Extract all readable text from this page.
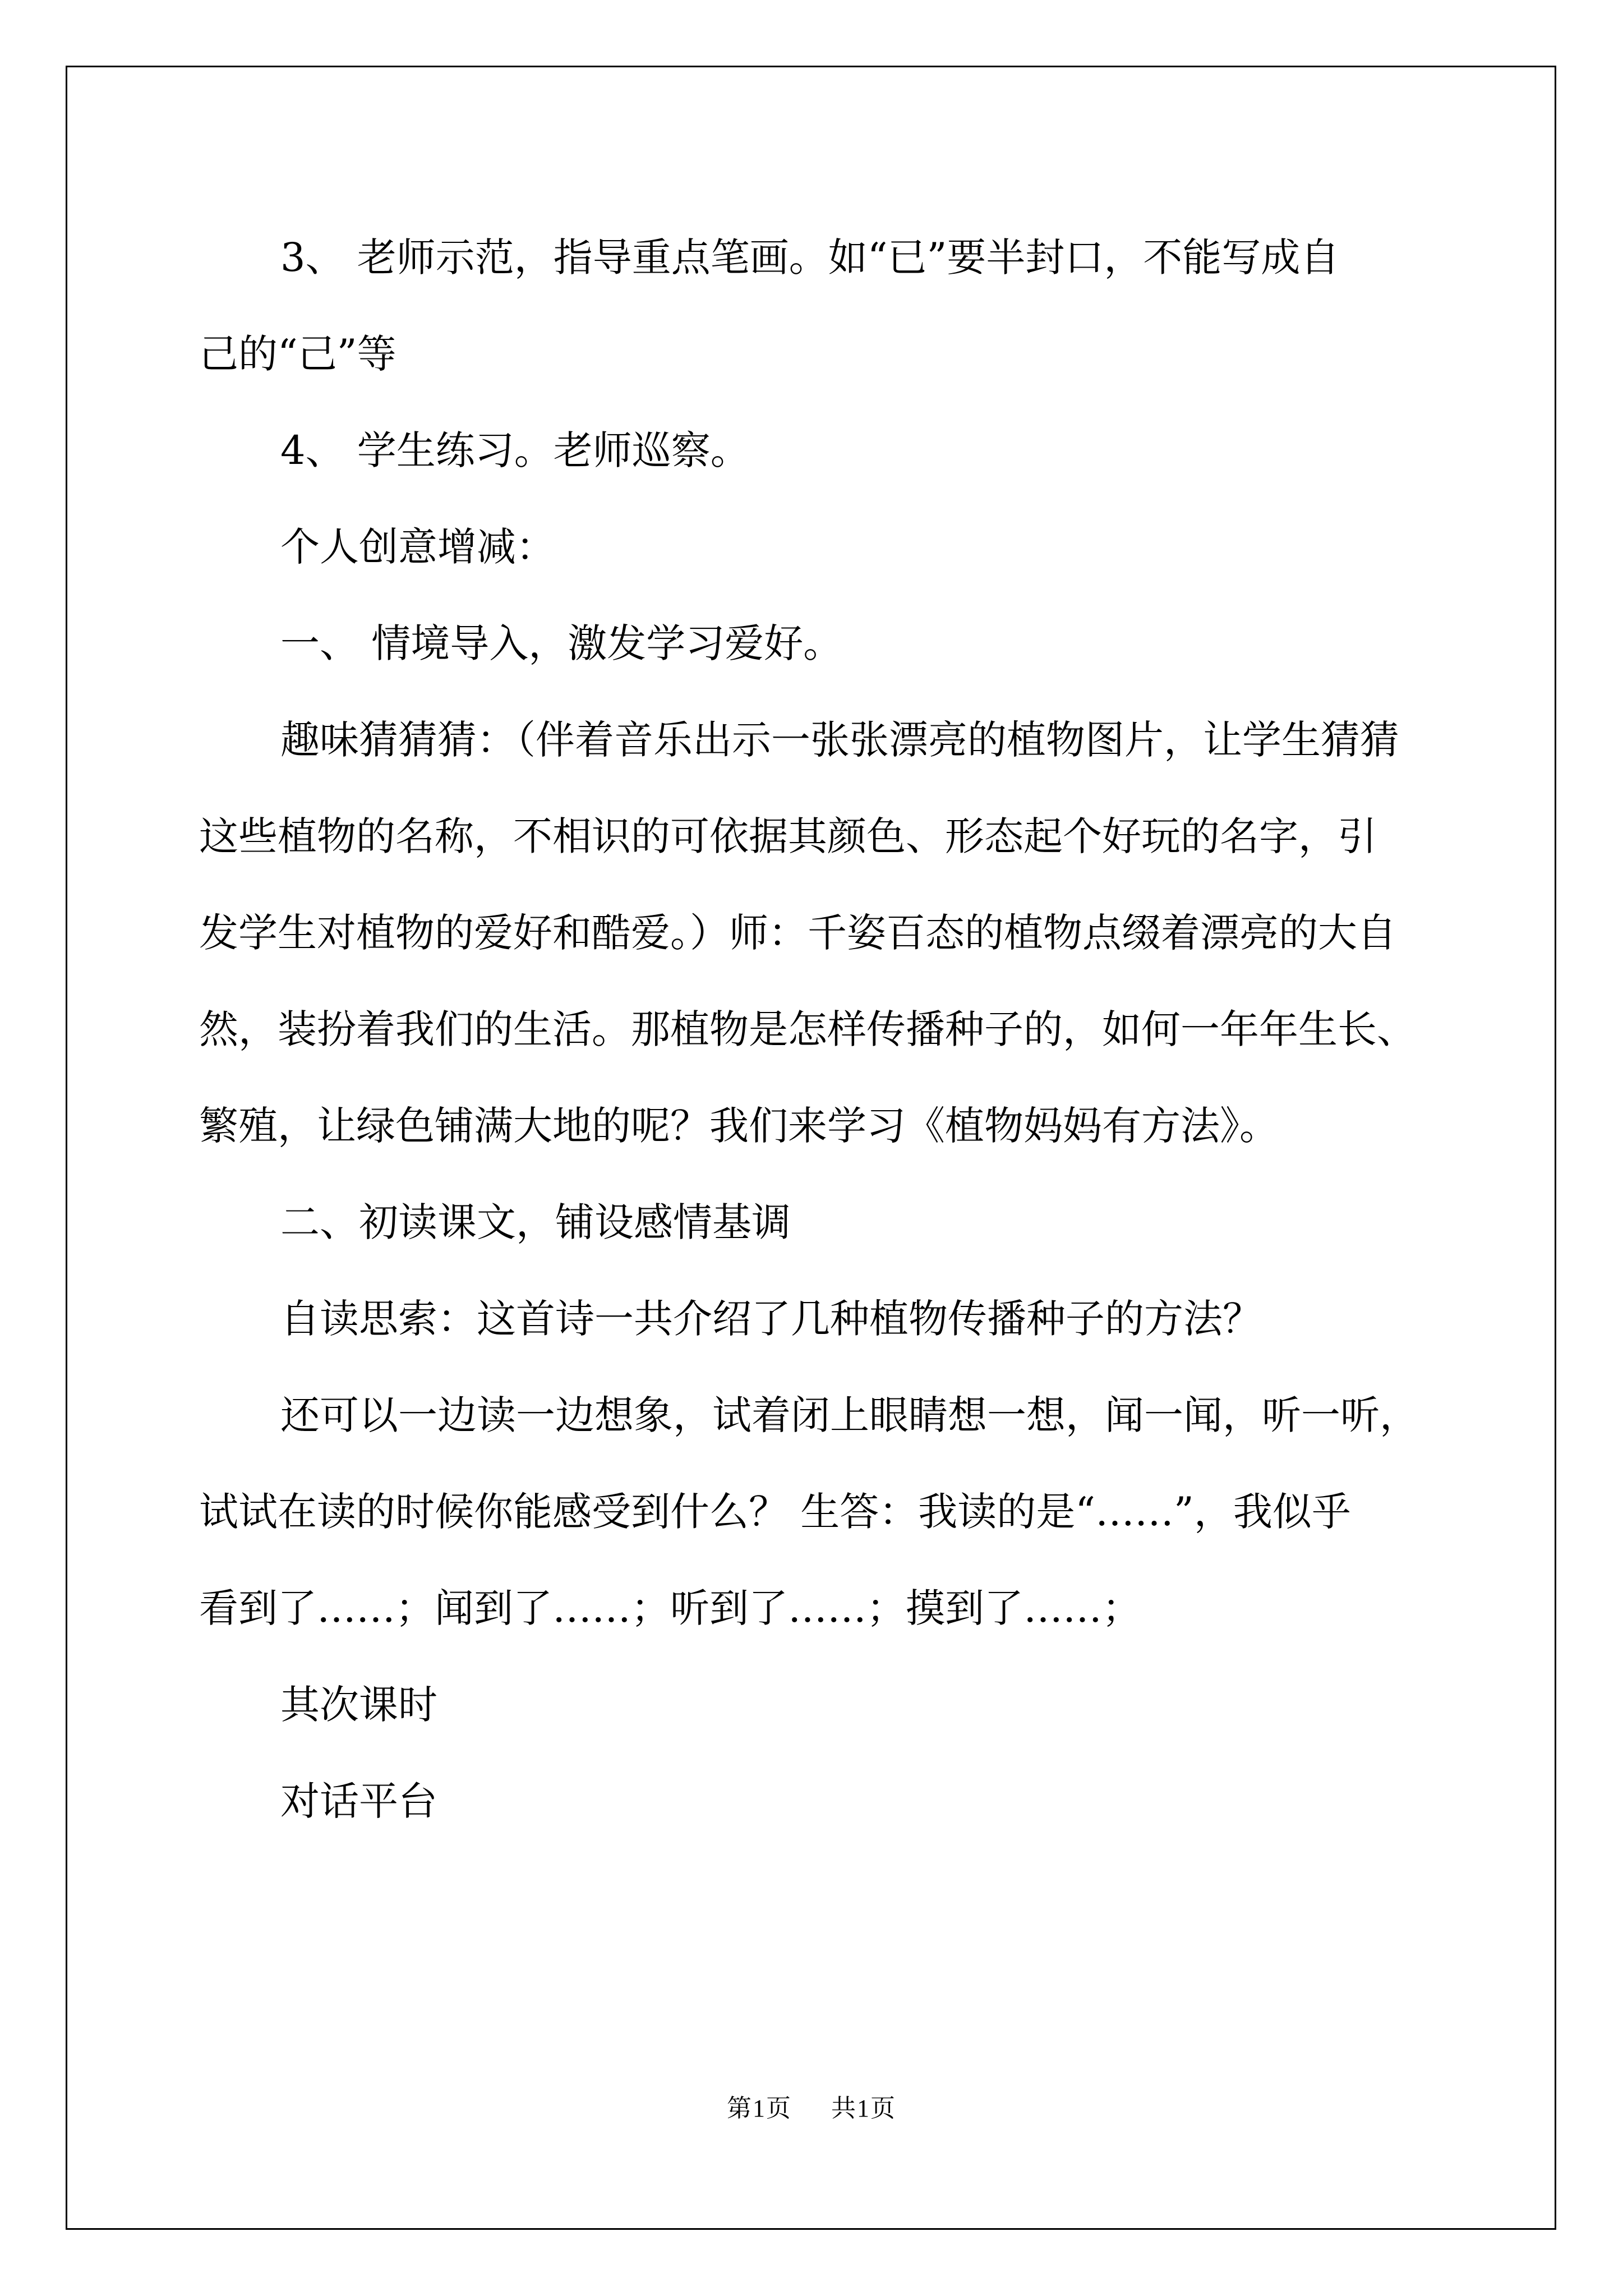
3、 老师示范，指导重点笔画。如“已”要半封口，不能写成自
己的“己”等
4、 学生练习。老师巡察。
个人创意增减：
一、 情境导入，激发学习爱好。
趣味猜猜猜：（伴着音乐出示一张张漂亮的植物图片，让学生猜猜
这些植物的名称，不相识的可依据其颜色、形态起个好玩的名字，引
发学生对植物的爱好和酷爱。）师：千姿百态的植物点缀着漂亮的大自
然，装扮着我们的生活。那植物是怎样传播种子的，如何一年年生长、
繁殖，让绿色铺满大地的呢？我们来学习《植物妈妈有方法》。
二、初读课文，铺设感情基调
自读思索：这首诗一共介绍了几种植物传播种子的方法？
还可以一边读一边想象，试着闭上眼睛想一想，闻一闻，听一听，
试试在读的时候你能感受到什么？ 生答：我读的是“……”，我似乎
看到了……；闻到了……；听到了……；摸到了……；
其次课时
对话平台
第1页 共1页
